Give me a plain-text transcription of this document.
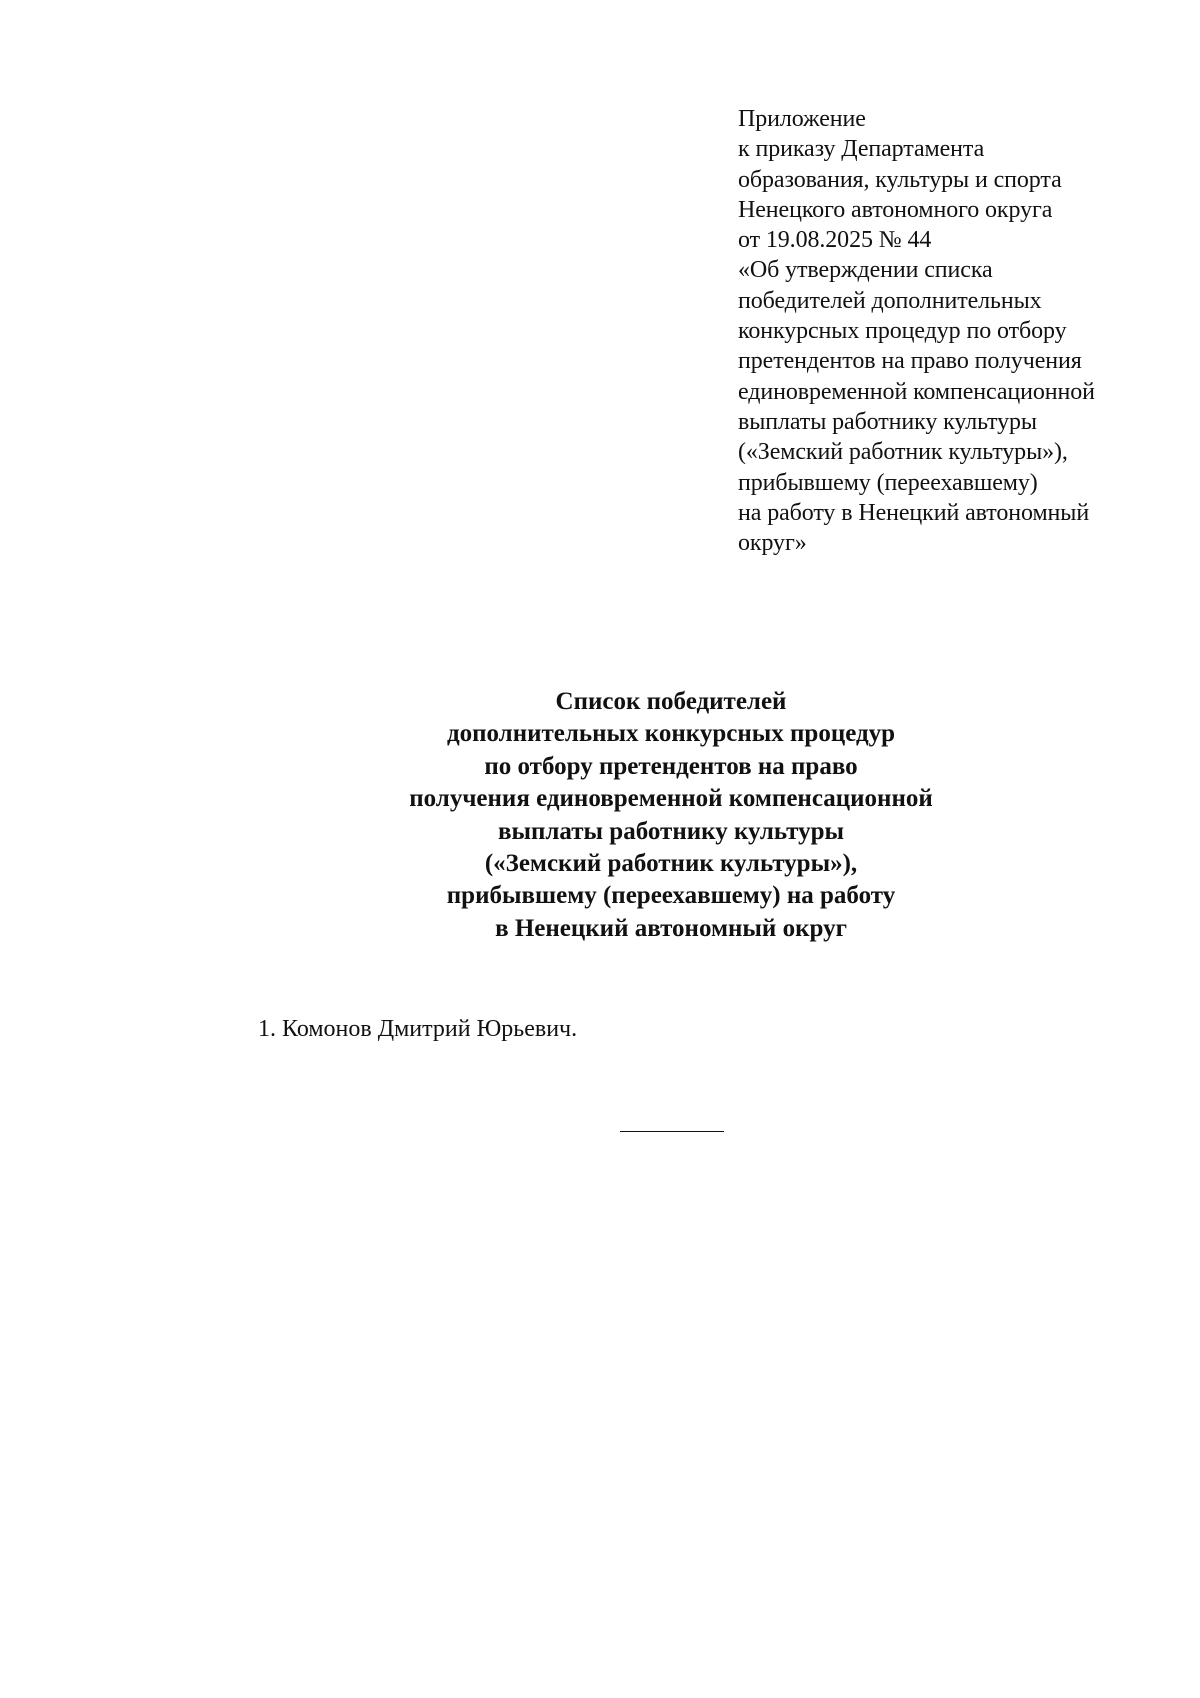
Приложение
к приказу Департамента
образования, культуры и спорта
Ненецкого автономного округа
от 19.08.2025 № 44
«Об утверждении списка
победителей дополнительных
конкурсных процедур по отбору
претендентов на право получения
единовременной компенсационной
выплаты работнику культуры
(«Земский работник культуры»),
прибывшему (переехавшему)
на работу в Ненецкий автономный
округ»
Список победителей
дополнительных конкурсных процедур
по отбору претендентов на право
получения единовременной компенсационной
выплаты работнику культуры
(«Земский работник культуры»),
прибывшему (переехавшему) на работу
в Ненецкий автономный округ
1. Комонов Дмитрий Юрьевич.
